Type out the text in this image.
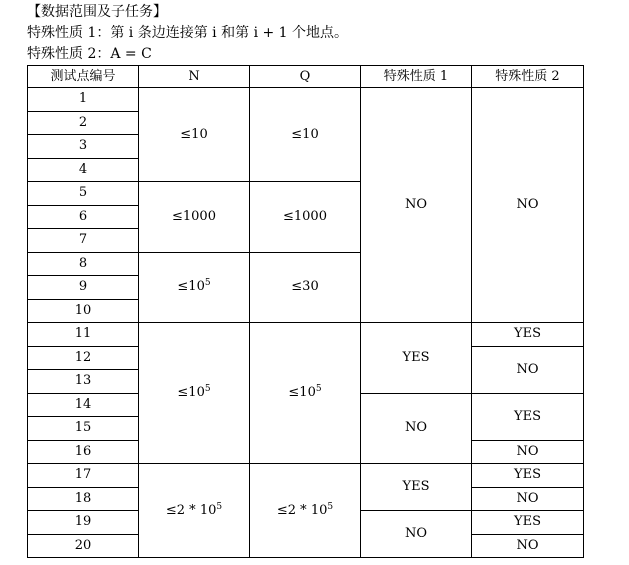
【数据范围及子任务】
特殊性质 1：第 i 条边连接第 i 和第 i + 1 个地点。
特殊性质 2：A = C
测试点编号	N	Q	特殊性质 1	特殊性质 2
1	≤10	≤10	NO	NO
2				
3				
4				
5	≤1000	≤1000		
6				
7				
8	$\le 10^5$	≤30		
9				
10				
11	$\le 10^5$	$\le 10^5$	YES	YES
12				NO
13				
14			NO	YES
15				
16				NO
17	$\le 2 * 10^5$	$\le 2 * 10^5$	YES	YES
18				NO
19			NO	YES
20				NO
